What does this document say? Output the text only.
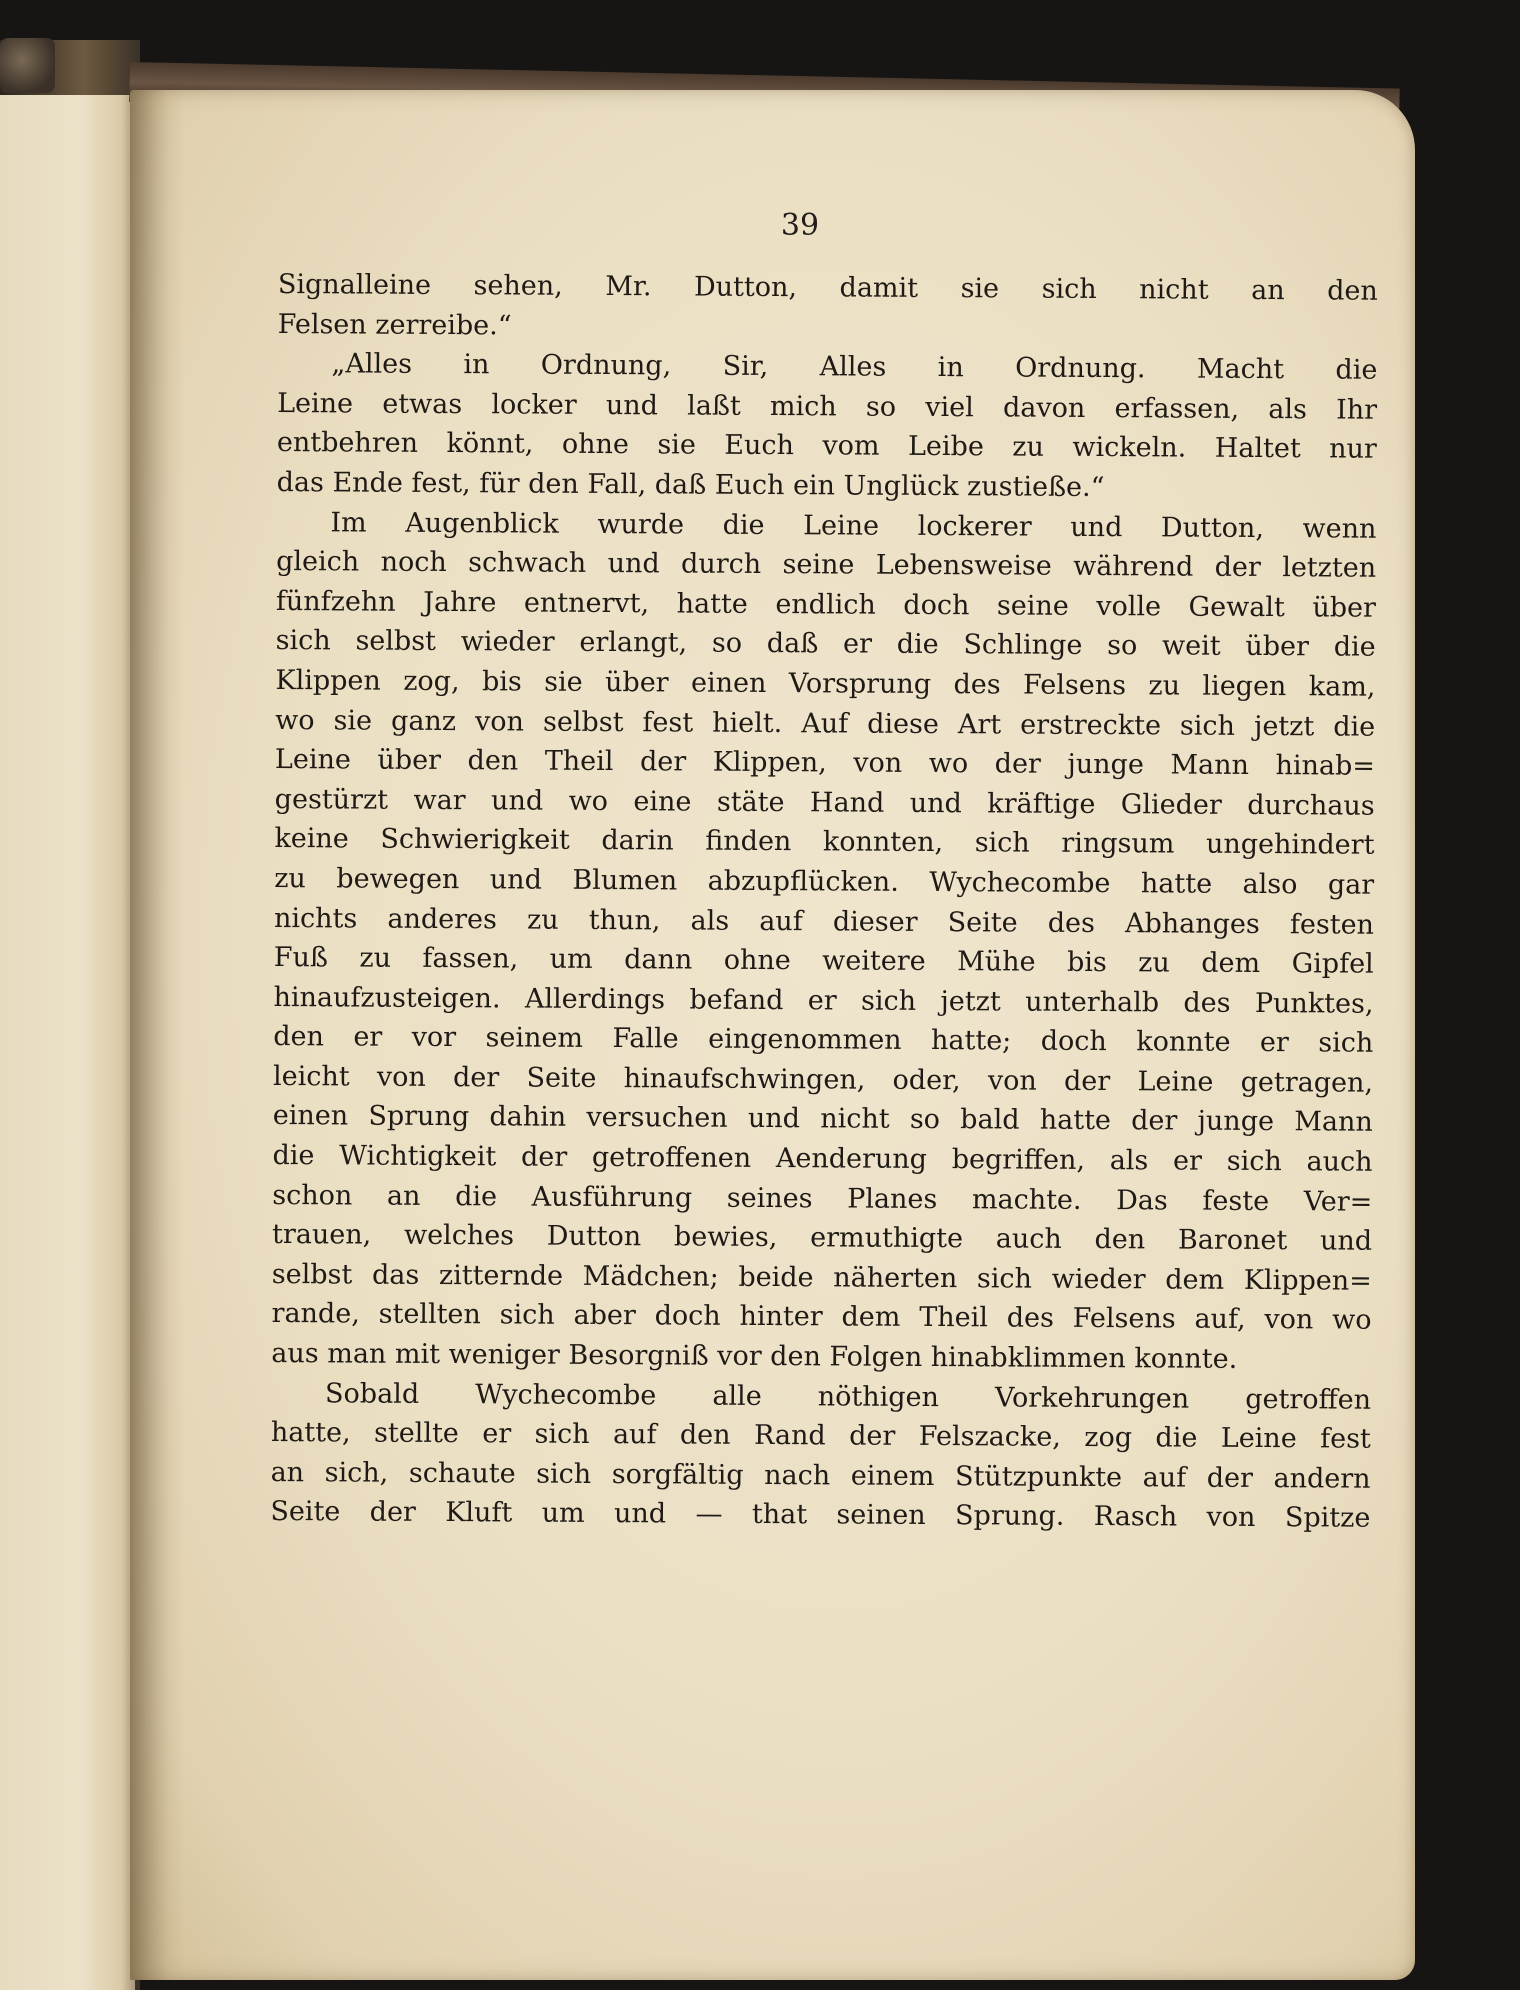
39
Signalleine sehen, Mr. Dutton, damit sie sich nicht an den
Felsen zerreibe.“
„Alles in Ordnung, Sir, Alles in Ordnung. Macht die
Leine etwas locker und laßt mich so viel davon erfassen, als Ihr
entbehren könnt, ohne sie Euch vom Leibe zu wickeln. Haltet nur
das Ende fest, für den Fall, daß Euch ein Unglück zustieße.“
Im Augenblick wurde die Leine lockerer und Dutton, wenn
gleich noch schwach und durch seine Lebensweise während der letzten
fünfzehn Jahre entnervt, hatte endlich doch seine volle Gewalt über
sich selbst wieder erlangt, so daß er die Schlinge so weit über die
Klippen zog, bis sie über einen Vorsprung des Felsens zu liegen kam,
wo sie ganz von selbst fest hielt. Auf diese Art erstreckte sich jetzt die
Leine über den Theil der Klippen, von wo der junge Mann hinab=
gestürzt war und wo eine stäte Hand und kräftige Glieder durchaus
keine Schwierigkeit darin finden konnten, sich ringsum ungehindert
zu bewegen und Blumen abzupflücken. Wychecombe hatte also gar
nichts anderes zu thun, als auf dieser Seite des Abhanges festen
Fuß zu fassen, um dann ohne weitere Mühe bis zu dem Gipfel
hinaufzusteigen. Allerdings befand er sich jetzt unterhalb des Punktes,
den er vor seinem Falle eingenommen hatte; doch konnte er sich
leicht von der Seite hinaufschwingen, oder, von der Leine getragen,
einen Sprung dahin versuchen und nicht so bald hatte der junge Mann
die Wichtigkeit der getroffenen Aenderung begriffen, als er sich auch
schon an die Ausführung seines Planes machte. Das feste Ver=
trauen, welches Dutton bewies, ermuthigte auch den Baronet und
selbst das zitternde Mädchen; beide näherten sich wieder dem Klippen=
rande, stellten sich aber doch hinter dem Theil des Felsens auf, von wo
aus man mit weniger Besorgniß vor den Folgen hinabklimmen konnte.
Sobald Wychecombe alle nöthigen Vorkehrungen getroffen
hatte, stellte er sich auf den Rand der Felszacke, zog die Leine fest
an sich, schaute sich sorgfältig nach einem Stützpunkte auf der andern
Seite der Kluft um und — that seinen Sprung. Rasch von Spitze
